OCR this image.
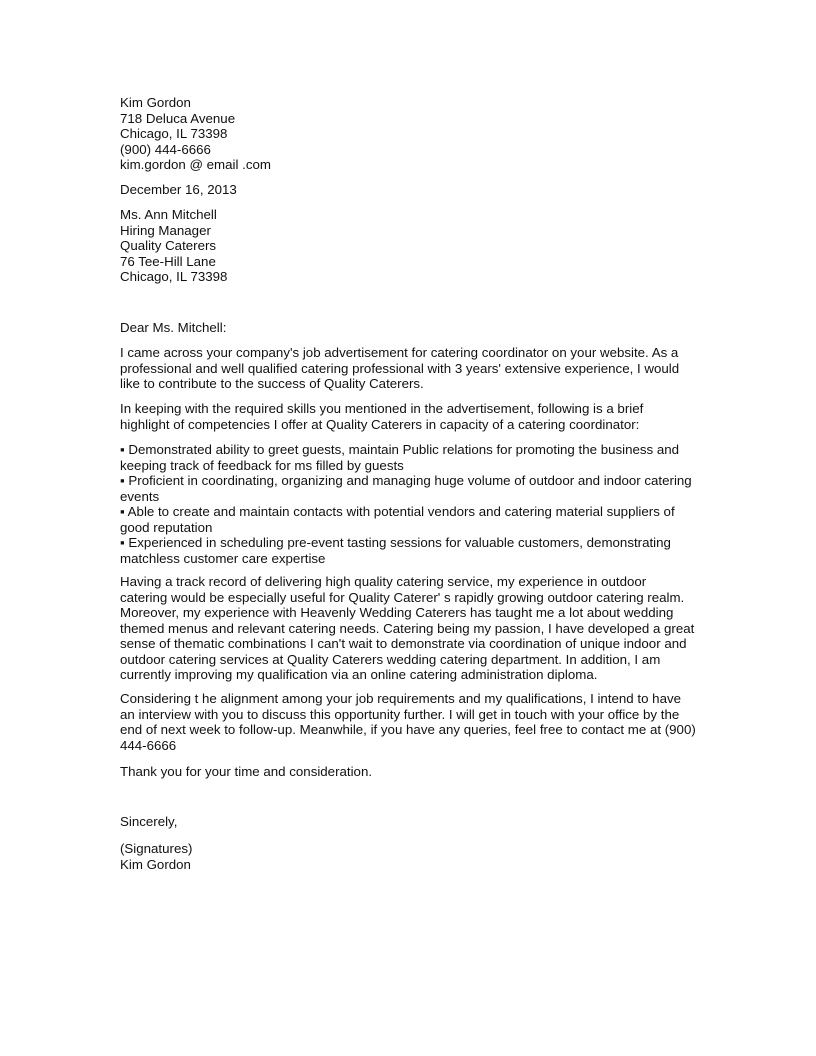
Kim Gordon
718 Deluca Avenue
Chicago, IL 73398
(900) 444-6666
kim.gordon @ email .com
December 16, 2013
Ms. Ann Mitchell
Hiring Manager
Quality Caterers
76 Tee-Hill Lane
Chicago, IL 73398
Dear Ms. Mitchell:
I came across your company's job advertisement for catering coordinator on your website. As a
professional and well qualified catering professional with 3 years' extensive experience, I would
like to contribute to the success of Quality Caterers.
In keeping with the required skills you mentioned in the advertisement, following is a brief
highlight of competencies I offer at Quality Caterers in capacity of a catering coordinator:
▪ Demonstrated ability to greet guests, maintain Public relations for promoting the business and
keeping track of feedback for ms filled by guests
▪ Proficient in coordinating, organizing and managing huge volume of outdoor and indoor catering
events
▪ Able to create and maintain contacts with potential vendors and catering material suppliers of
good reputation
▪ Experienced in scheduling pre-event tasting sessions for valuable customers, demonstrating
matchless customer care expertise
Having a track record of delivering high quality catering service, my experience in outdoor
catering would be especially useful for Quality Caterer' s rapidly growing outdoor catering realm.
Moreover, my experience with Heavenly Wedding Caterers has taught me a lot about wedding
themed menus and relevant catering needs. Catering being my passion, I have developed a great
sense of thematic combinations I can't wait to demonstrate via coordination of unique indoor and
outdoor catering services at Quality Caterers wedding catering department. In addition, I am
currently improving my qualification via an online catering administration diploma.
Considering t he alignment among your job requirements and my qualifications, I intend to have
an interview with you to discuss this opportunity further. I will get in touch with your office by the
end of next week to follow-up. Meanwhile, if you have any queries, feel free to contact me at (900)
444-6666
Thank you for your time and consideration.
Sincerely,
(Signatures)
Kim Gordon
